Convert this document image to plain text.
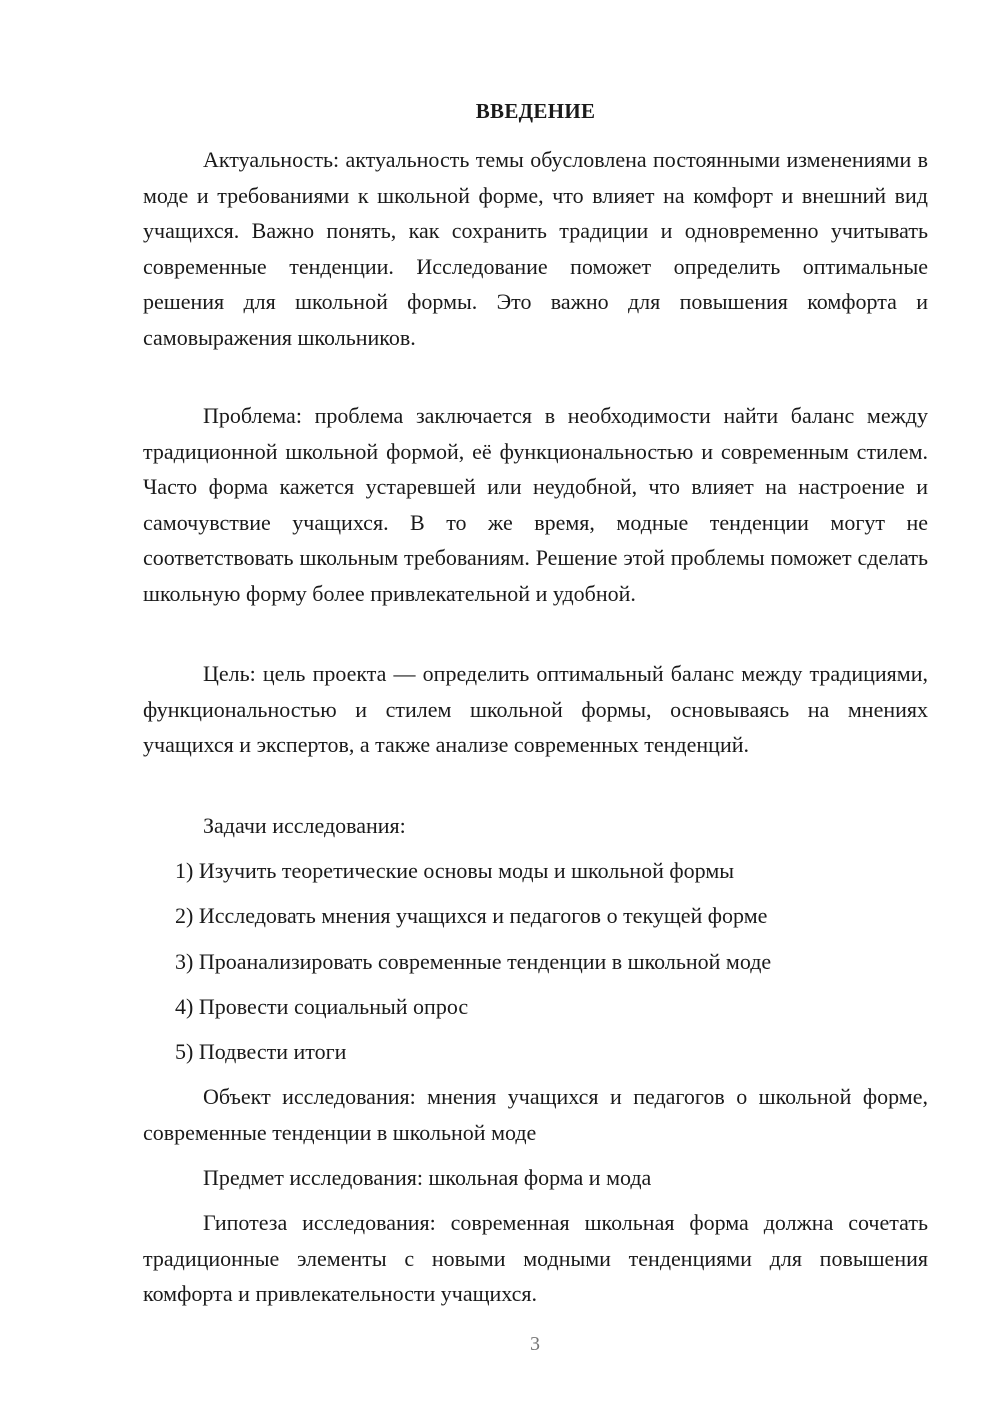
ВВЕДЕНИЕ

Актуальность: актуальность темы обусловлена постоянными изменениями в моде и требованиями к школьной форме, что влияет на комфорт и внешний вид учащихся. Важно понять, как сохранить традиции и одновременно учитывать современные тенденции. Исследование поможет определить оптимальные решения для школьной формы. Это важно для повышения комфорта и самовыражения школьников.

Проблема: проблема заключается в необходимости найти баланс между традиционной школьной формой, её функциональностью и современным стилем. Часто форма кажется устаревшей или неудобной, что влияет на настроение и самочувствие учащихся. В то же время, модные тенденции могут не соответствовать школьным требованиям. Решение этой проблемы поможет сделать школьную форму более привлекательной и удобной.

Цель: цель проекта — определить оптимальный баланс между традициями, функциональностью и стилем школьной формы, основываясь на мнениях учащихся и экспертов, а также анализе современных тенденций.

Задачи исследования:

1) Изучить теоретические основы моды и школьной формы

2) Исследовать мнения учащихся и педагогов о текущей форме

3) Проанализировать современные тенденции в школьной моде

4) Провести социальный опрос

5) Подвести итоги

Объект исследования: мнения учащихся и педагогов о школьной форме, современные тенденции в школьной моде

Предмет исследования: школьная форма и мода

Гипотеза исследования: современная школьная форма должна сочетать традиционные элементы с новыми модными тенденциями для повышения комфорта и привлекательности учащихся.

3
